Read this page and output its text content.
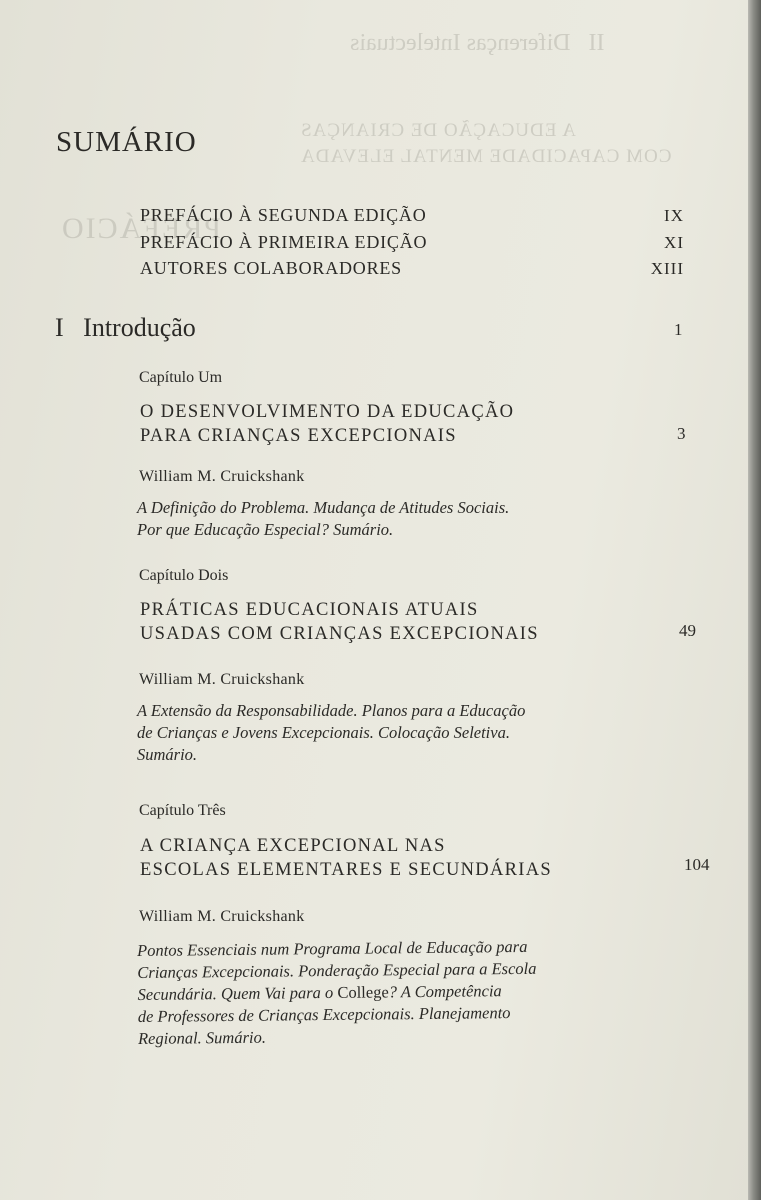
II   Diferenças Intelectuais
A EDUCAÇÃO DE CRIANÇAS
COM CAPACIDADE MENTAL ELEVADA
PREFÁCIO
SUMÁRIO
PREFÁCIO À SEGUNDA EDIÇÃO	IX
PREFÁCIO À PRIMEIRA EDIÇÃO	XI
AUTORES COLABORADORES	XIII
I Introdução	1
Capítulo Um
O DESENVOLVIMENTO DA EDUCAÇÃO
PARA CRIANÇAS EXCEPCIONAIS	3
William M. Cruickshank
A Definição do Problema. Mudança de Atitudes Sociais.
Por que Educação Especial? Sumário.
Capítulo Dois
PRÁTICAS EDUCACIONAIS ATUAIS
USADAS COM CRIANÇAS EXCEPCIONAIS	49
William M. Cruickshank
A Extensão da Responsabilidade. Planos para a Educação
de Crianças e Jovens Excepcionais. Colocação Seletiva.
Sumário.
Capítulo Três
A CRIANÇA EXCEPCIONAL NAS
ESCOLAS ELEMENTARES E SECUNDÁRIAS	104
William M. Cruickshank
Pontos Essenciais num Programa Local de Educação para
Crianças Excepcionais. Ponderação Especial para a Escola
Secundária. Quem Vai para o College? A Competência
de Professores de Crianças Excepcionais. Planejamento
Regional. Sumário.
